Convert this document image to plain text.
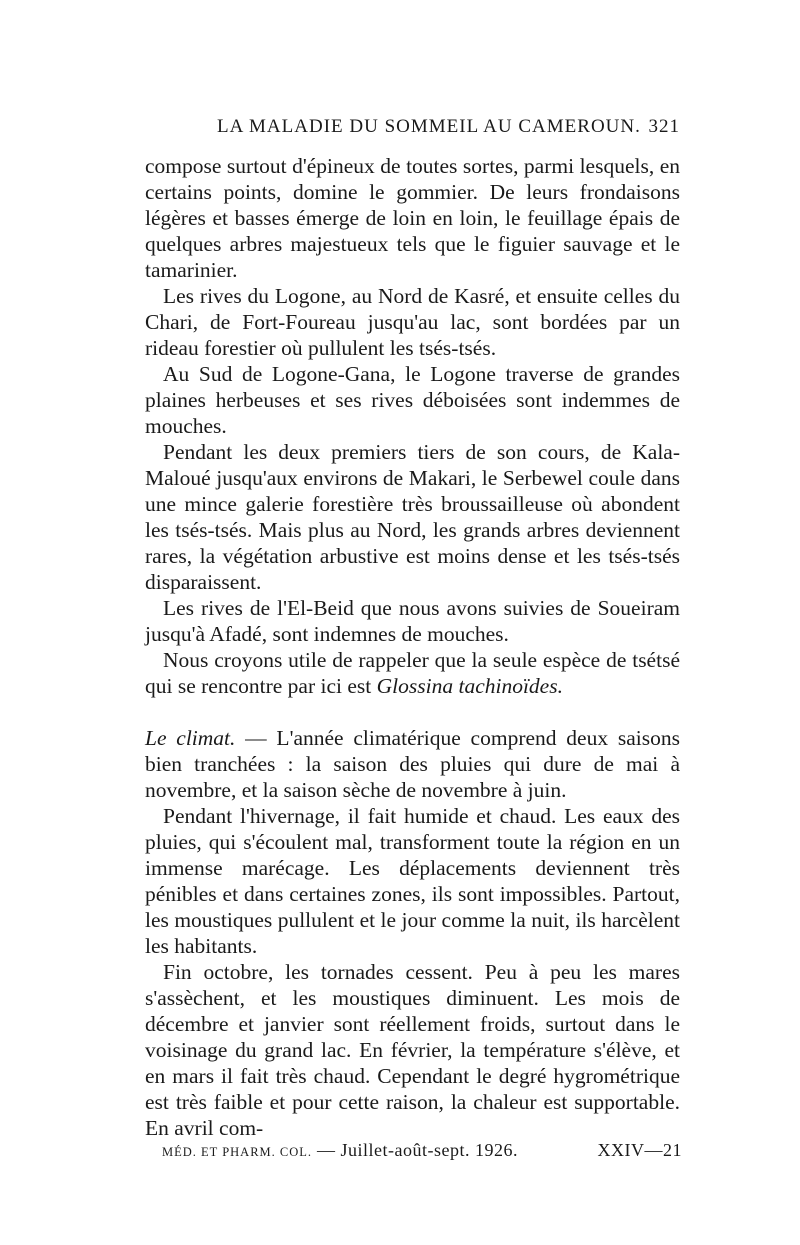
LA MALADIE DU SOMMEIL AU CAMEROUN. 321

compose surtout d'épineux de toutes sortes, parmi lesquels, en certains points, domine le gommier. De leurs frondaisons légères et basses émerge de loin en loin, le feuillage épais de quelques arbres majestueux tels que le figuier sauvage et le tamarinier.

Les rives du Logone, au Nord de Kasré, et ensuite celles du Chari, de Fort-Foureau jusqu'au lac, sont bordées par un rideau forestier où pullulent les tsés-tsés.

Au Sud de Logone-Gana, le Logone traverse de grandes plaines herbeuses et ses rives déboisées sont indemmes de mouches.

Pendant les deux premiers tiers de son cours, de Kala-Maloué jusqu'aux environs de Makari, le Serbewel coule dans une mince galerie forestière très broussailleuse où abondent les tsés-tsés. Mais plus au Nord, les grands arbres deviennent rares, la végétation arbustive est moins dense et les tsés-tsés disparaissent.

Les rives de l'El-Beid que nous avons suivies de Soueiram jusqu'à Afadé, sont indemnes de mouches.

Nous croyons utile de rappeler que la seule espèce de tsétsé qui se rencontre par ici est Glossina tachinoïdes.

Le climat. — L'année climatérique comprend deux saisons bien tranchées : la saison des pluies qui dure de mai à novembre, et la saison sèche de novembre à juin.

Pendant l'hivernage, il fait humide et chaud. Les eaux des pluies, qui s'écoulent mal, transforment toute la région en un immense marécage. Les déplacements deviennent très pénibles et dans certaines zones, ils sont impossibles. Partout, les moustiques pullulent et le jour comme la nuit, ils harcèlent les habitants.

Fin octobre, les tornades cessent. Peu à peu les mares s'assèchent, et les moustiques diminuent. Les mois de décembre et janvier sont réellement froids, surtout dans le voisinage du grand lac. En février, la température s'élève, et en mars il fait très chaud. Cependant le degré hygrométrique est très faible et pour cette raison, la chaleur est supportable. En avril com-

MÉD. ET PHARM. COL. — Juillet-août-sept. 1926.	XXIV—21
